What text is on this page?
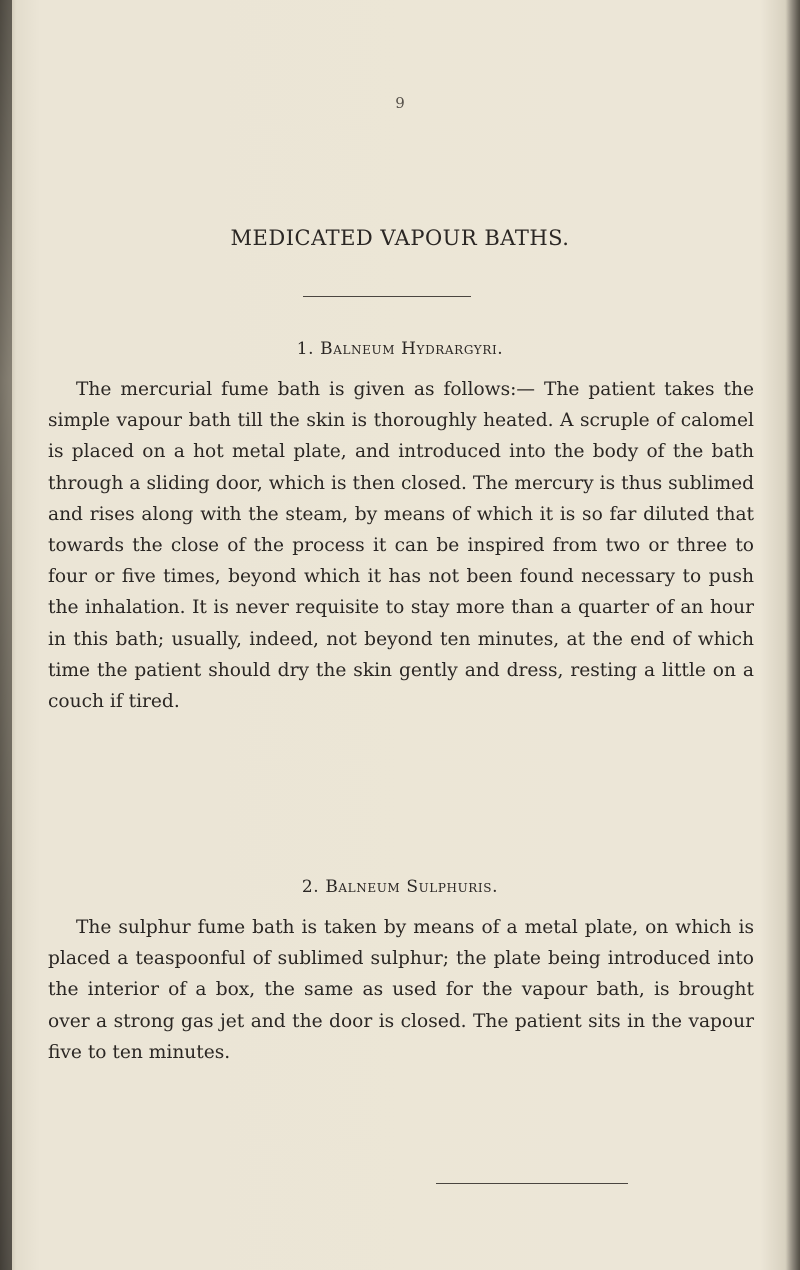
9
MEDICATED VAPOUR BATHS.
1. Balneum Hydrargyri.

The mercurial fume bath is given as follows:— The patient takes the simple vapour bath till the skin is thoroughly heated. A scruple of calomel is placed on a hot metal plate, and introduced into the body of the bath through a sliding door, which is then closed. The mercury is thus sublimed and rises along with the steam, by means of which it is so far diluted that towards the close of the process it can be inspired from two or three to four or five times, beyond which it has not been found necessary to push the inhalation. It is never requisite to stay more than a quarter of an hour in this bath; usually, indeed, not beyond ten minutes, at the end of which time the patient should dry the skin gently and dress, resting a little on a couch if tired.

2. Balneum Sulphuris.

The sulphur fume bath is taken by means of a metal plate, on which is placed a teaspoonful of sublimed sulphur; the plate being introduced into the interior of a box, the same as used for the vapour bath, is brought over a strong gas jet and the door is closed. The patient sits in the vapour five to ten minutes.
